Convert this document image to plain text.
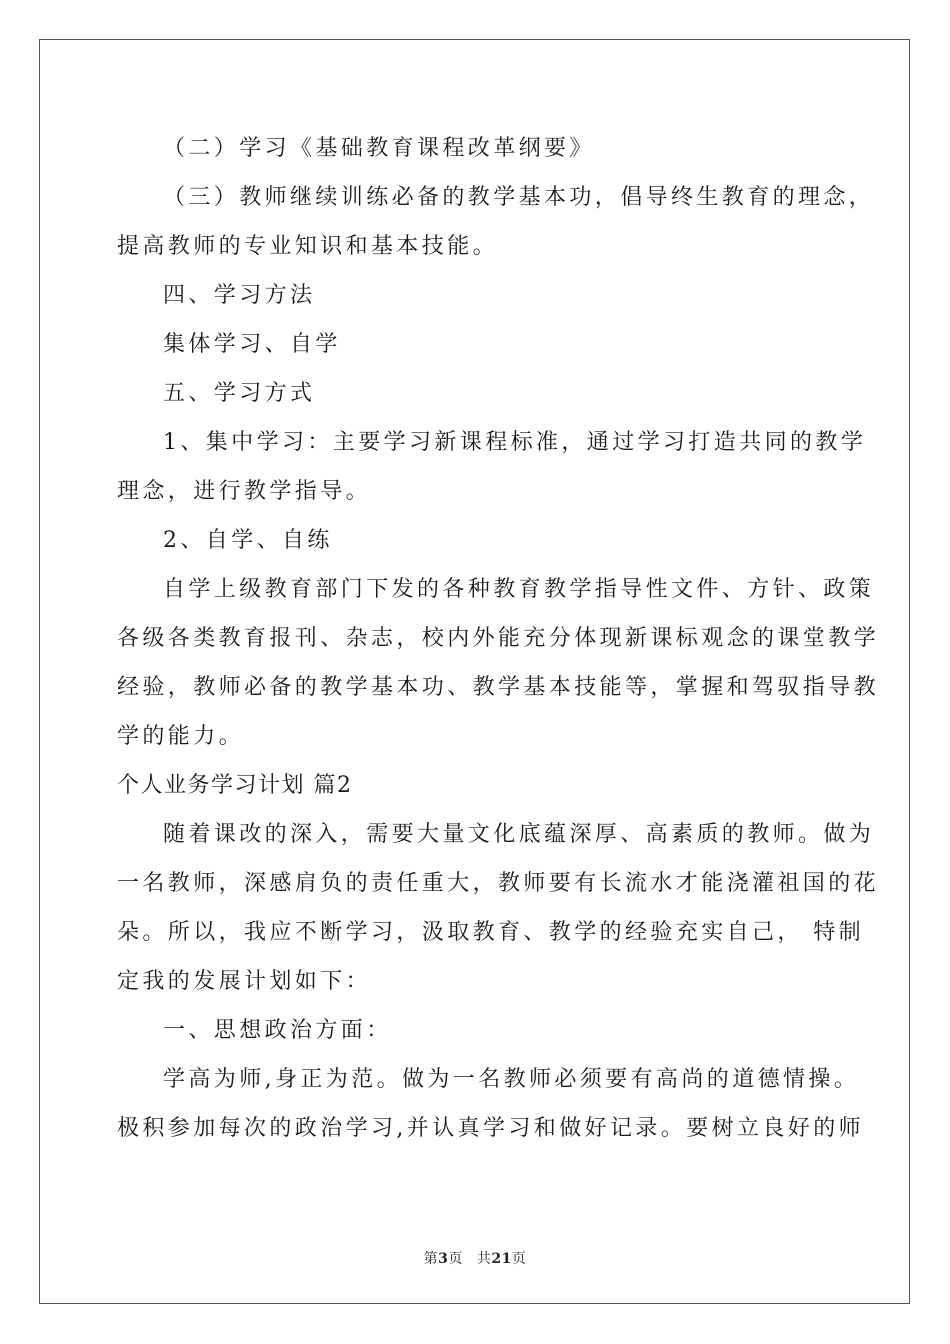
（二）学习《基础教育课程改革纲要》
（三）教师继续训练必备的教学基本功，倡导终生教育的理念，
提高教师的专业知识和基本技能。
四、学习方法
集体学习、自学
五、学习方式
1、集中学习：主要学习新课程标准，通过学习打造共同的教学
理念，进行教学指导。
2、自学、自练
自学上级教育部门下发的各种教育教学指导性文件、方针、政策
各级各类教育报刊、杂志，校内外能充分体现新课标观念的课堂教学
经验，教师必备的教学基本功、教学基本技能等，掌握和驾驭指导教
学的能力。
个人业务学习计划 篇2
随着课改的深入，需要大量文化底蕴深厚、高素质的教师。做为
一名教师，深感肩负的责任重大，教师要有长流水才能浇灌祖国的花
朵。所以，我应不断学习，汲取教育、教学的经验充实自己， 特制
定我的发展计划如下：
一、思想政治方面：
学高为师,身正为范。做为一名教师必须要有高尚的道德情操。
极积参加每次的政治学习,并认真学习和做好记录。要树立良好的师
第3页 共21页
